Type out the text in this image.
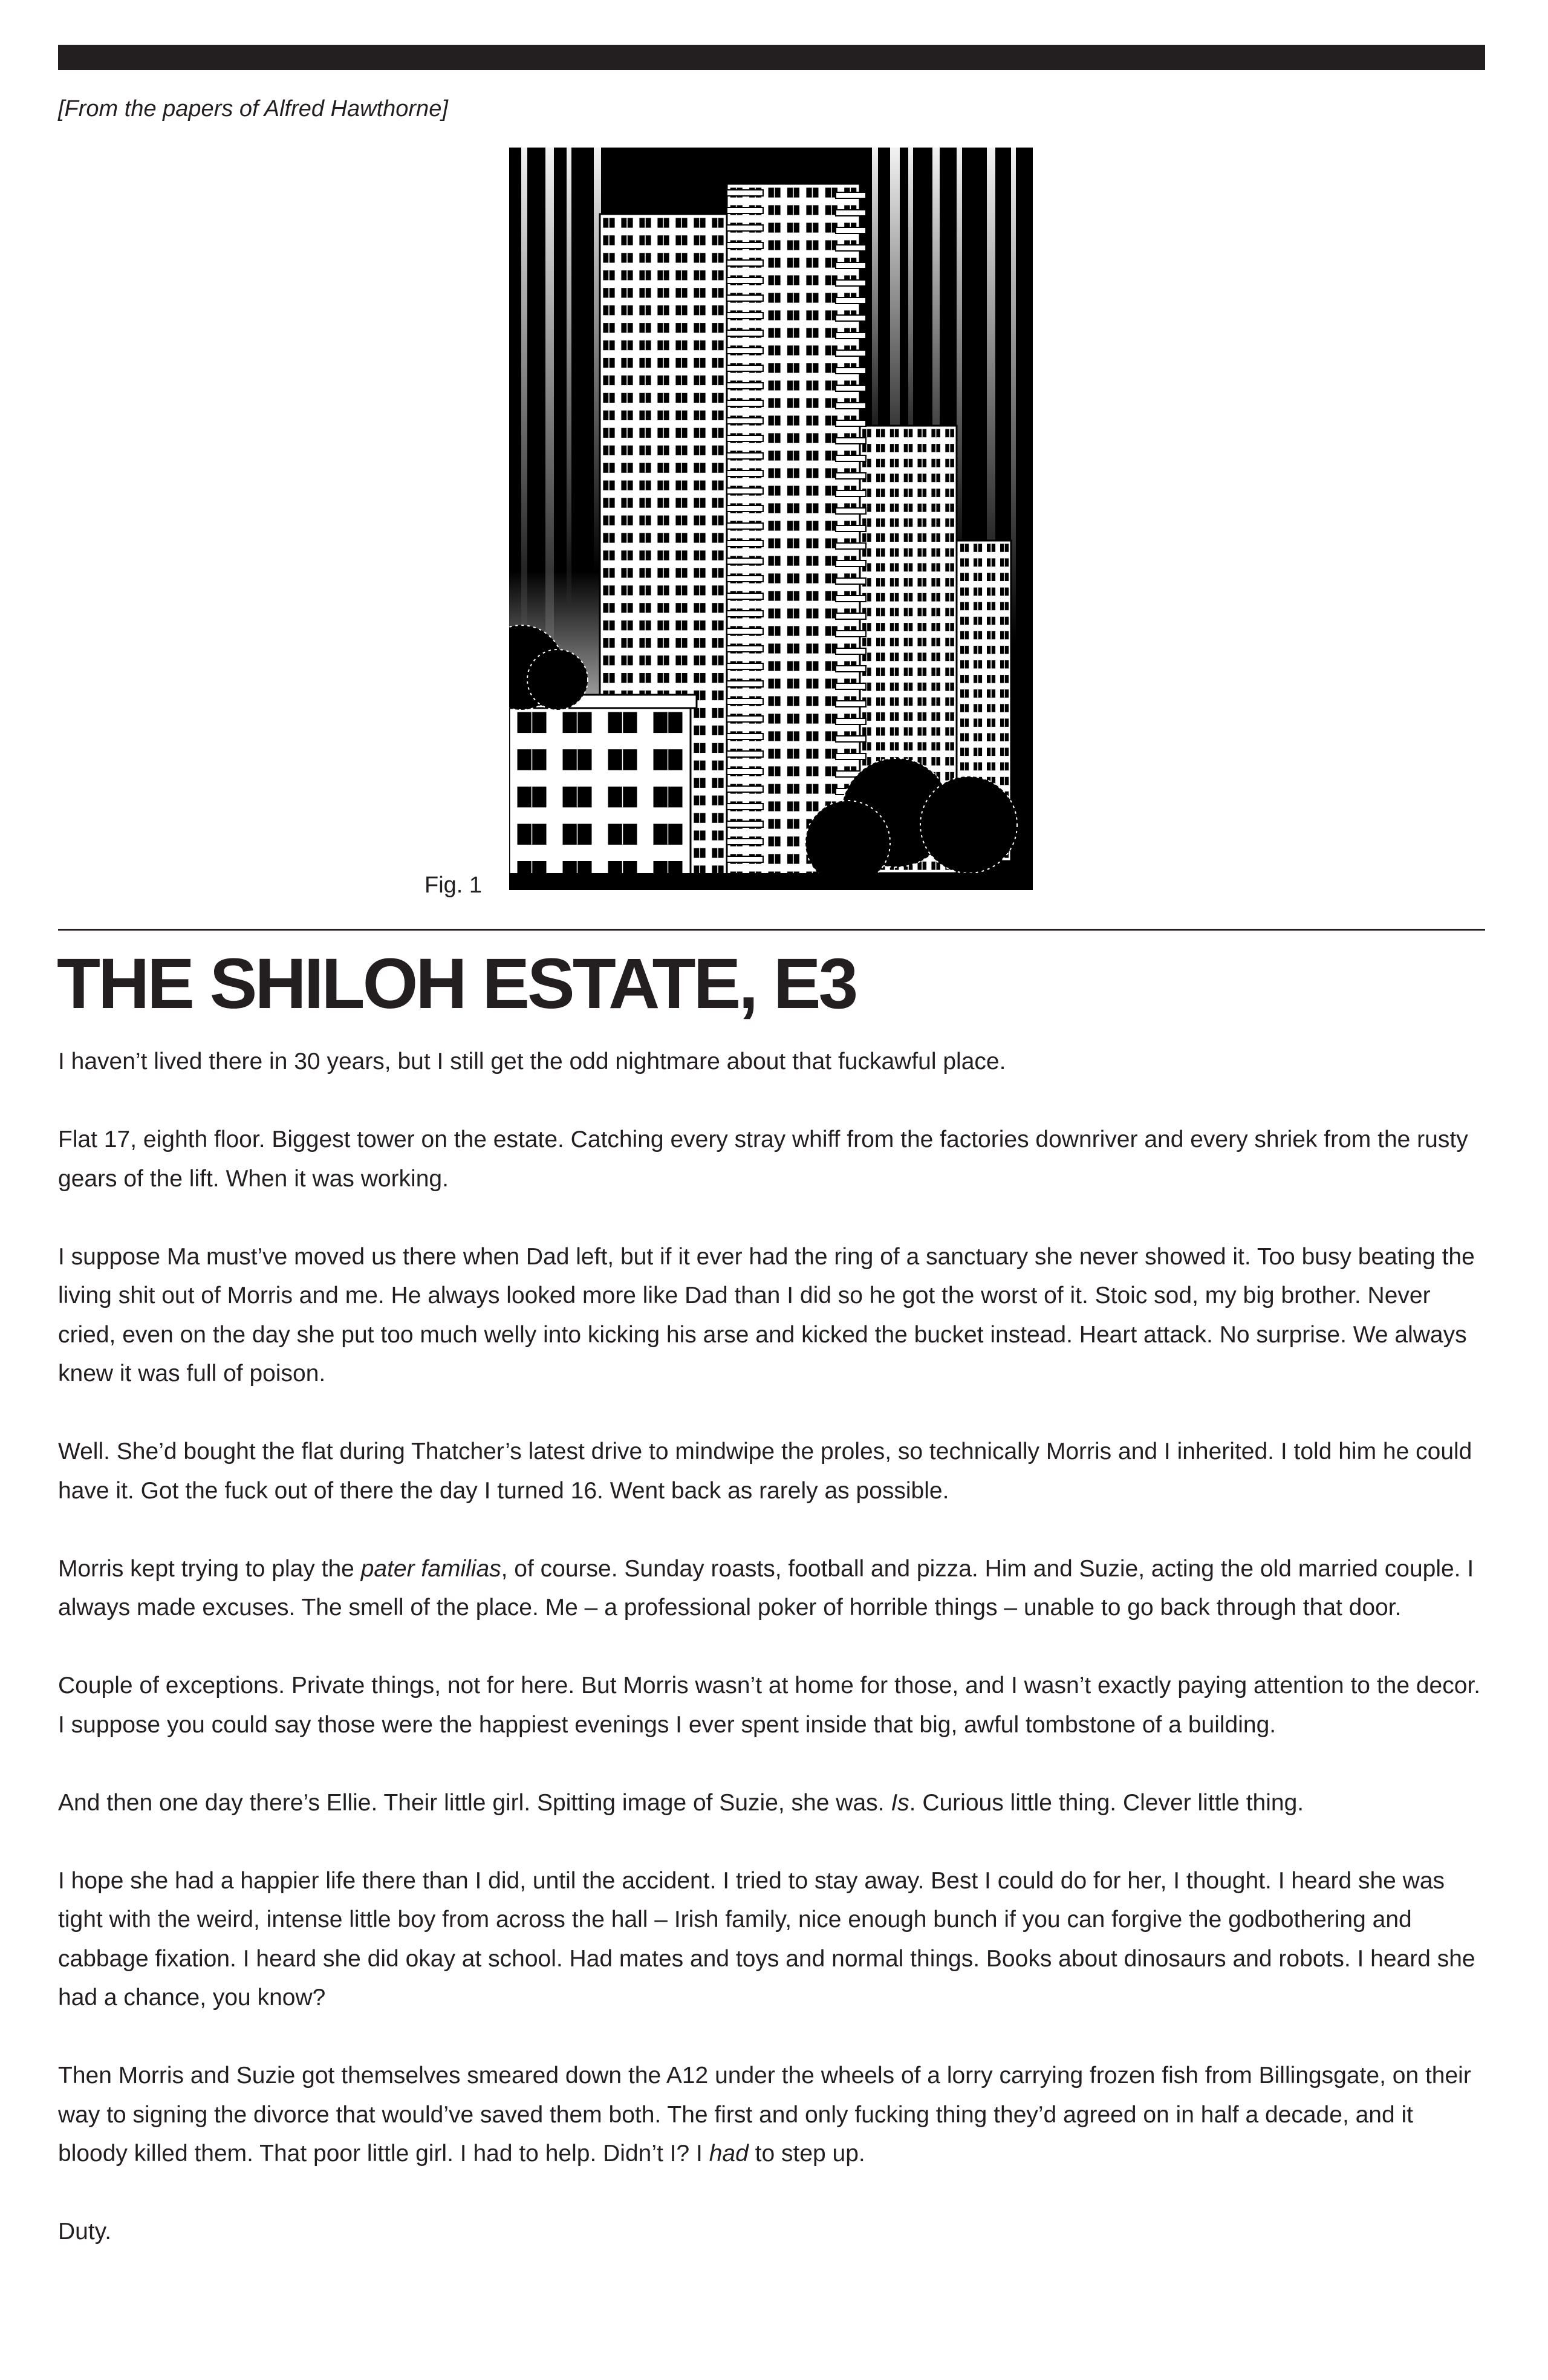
[From the papers of Alfred Hawthorne]
Fig. 1
THE SHILOH ESTATE, E3

I haven’t lived there in 30 years, but I still get the odd nightmare about that fuckawful place.

Flat 17, eighth floor. Biggest tower on the estate. Catching every stray whiff from the factories downriver and every shriek from the rusty gears of the lift. When it was working.

I suppose Ma must’ve moved us there when Dad left, but if it ever had the ring of a sanctuary she never showed it. Too busy beating the living shit out of Morris and me. He always looked more like Dad than I did so he got the worst of it. Stoic sod, my big brother. Never cried, even on the day she put too much welly into kicking his arse and kicked the bucket instead. Heart attack. No surprise. We always knew it was full of poison.

Well. She’d bought the flat during Thatcher’s latest drive to mindwipe the proles, so technically Morris and I inherited. I told him he could have it. Got the fuck out of there the day I turned 16. Went back as rarely as possible.

Morris kept trying to play the pater familias, of course. Sunday roasts, football and pizza. Him and Suzie, acting the old married couple. I always made excuses. The smell of the place. Me – a professional poker of horrible things – unable to go back through that door.

Couple of exceptions. Private things, not for here. But Morris wasn’t at home for those, and I wasn’t exactly paying attention to the decor. I suppose you could say those were the happiest evenings I ever spent inside that big, awful tombstone of a building.

And then one day there’s Ellie. Their little girl. Spitting image of Suzie, she was. Is. Curious little thing. Clever little thing.

I hope she had a happier life there than I did, until the accident. I tried to stay away. Best I could do for her, I thought. I heard she was tight with the weird, intense little boy from across the hall – Irish family, nice enough bunch if you can forgive the godbothering and cabbage fixation. I heard she did okay at school. Had mates and toys and normal things. Books about dinosaurs and robots. I heard she had a chance, you know?

Then Morris and Suzie got themselves smeared down the A12 under the wheels of a lorry carrying frozen fish from Billingsgate, on their way to signing the divorce that would’ve saved them both. The first and only fucking thing they’d agreed on in half a decade, and it bloody killed them. That poor little girl. I had to help. Didn’t I? I had to step up.

Duty.
